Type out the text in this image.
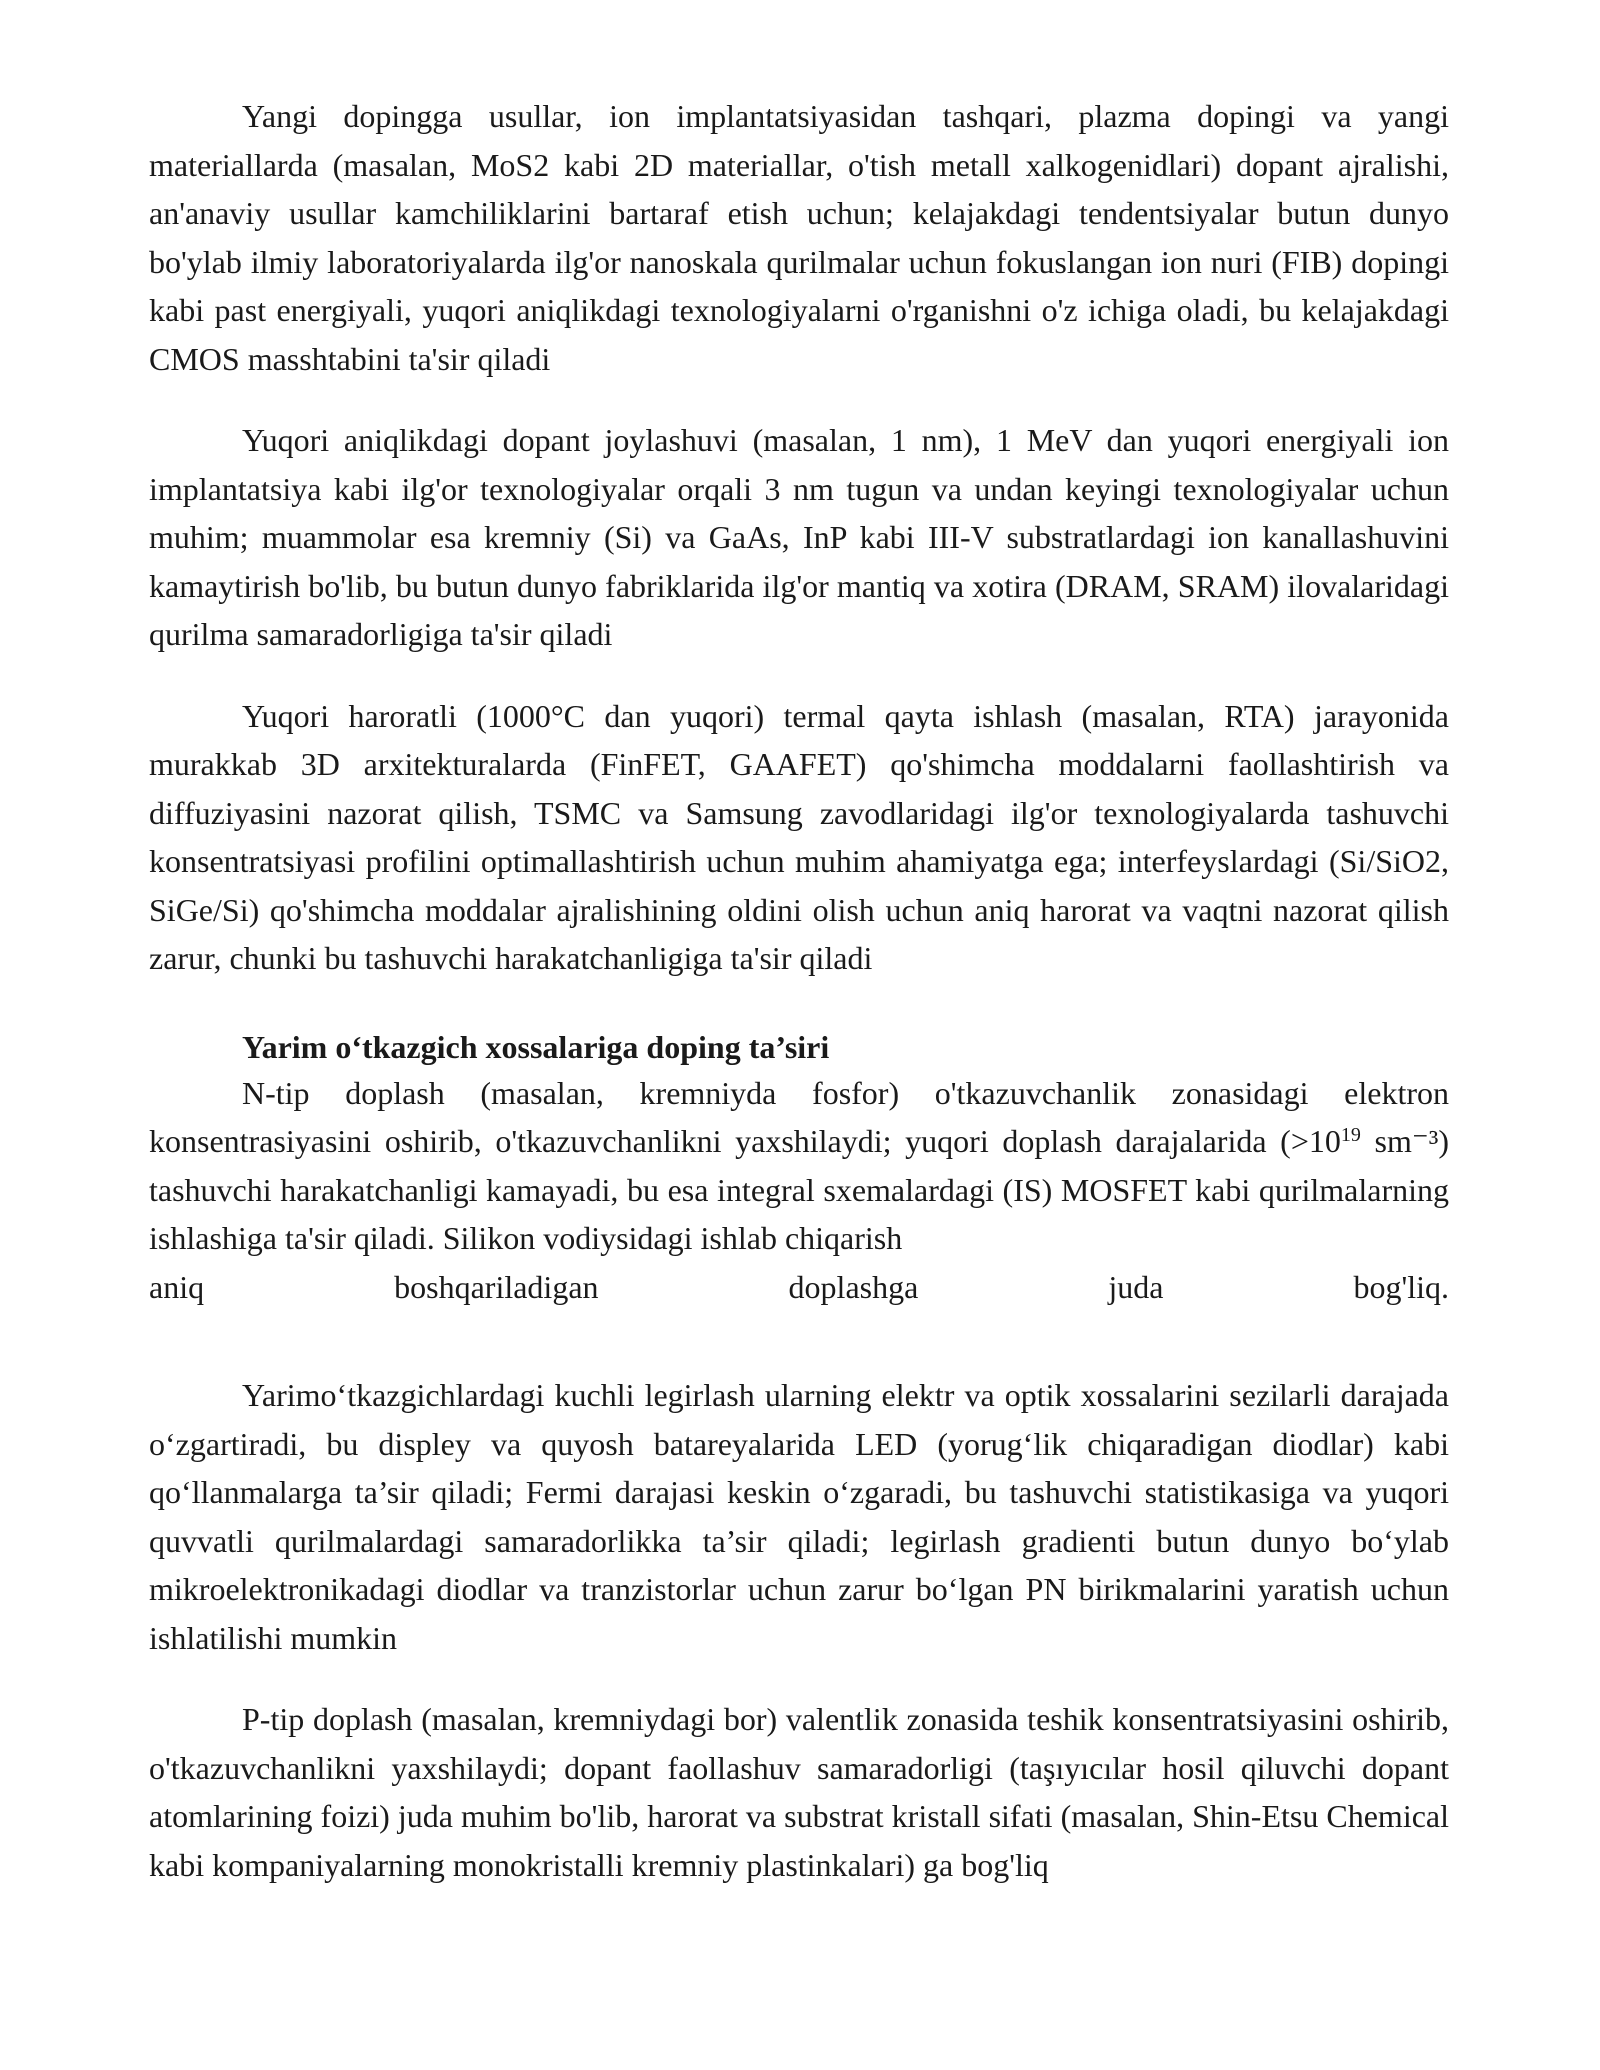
Yangi dopingga usullar, ion implantatsiyasidan tashqari, plazma dopingi va yangi materiallarda (masalan, MoS2 kabi 2D materiallar, o'tish metall xalkogenidlari) dopant ajralishi, an'anaviy usullar kamchiliklarini bartaraf etish uchun; kelajakdagi tendentsiyalar butun dunyo bo'ylab ilmiy laboratoriyalarda ilg'or nanoskala qurilmalar uchun fokuslangan ion nuri (FIB) dopingi kabi past energiyali, yuqori aniqlikdagi texnologiyalarni o'rganishni o'z ichiga oladi, bu kelajakdagi CMOS masshtabini ta'sir qiladi

Yuqori aniqlikdagi dopant joylashuvi (masalan, 1 nm), 1 MeV dan yuqori energiyali ion implantatsiya kabi ilg'or texnologiyalar orqali 3 nm tugun va undan keyingi texnologiyalar uchun muhim; muammolar esa kremniy (Si) va GaAs, InP kabi III-V substratlardagi ion kanallashuvini kamaytirish bo'lib, bu butun dunyo fabriklarida ilg'or mantiq va xotira (DRAM, SRAM) ilovalaridagi qurilma samaradorligiga ta'sir qiladi

Yuqori haroratli (1000°C dan yuqori) termal qayta ishlash (masalan, RTA) jarayonida murakkab 3D arxitekturalarda (FinFET, GAAFET) qo'shimcha moddalarni faollashtirish va diffuziyasini nazorat qilish, TSMC va Samsung zavodlaridagi ilg'or texnologiyalarda tashuvchi konsentratsiyasi profilini optimallashtirish uchun muhim ahamiyatga ega; interfeyslardagi (Si/SiO2, SiGe/Si) qo'shimcha moddalar ajralishining oldini olish uchun aniq harorat va vaqtni nazorat qilish zarur, chunki bu tashuvchi harakatchanligiga ta'sir qiladi

Yarim o‘tkazgich xossalariga doping ta’siri

N-tip doplash (masalan, kremniyda fosfor) o'tkazuvchanlik zonasidagi elektron konsentrasiyasini oshirib, o'tkazuvchanlikni yaxshilaydi; yuqori doplash darajalarida ($>10^{19}$ sm⁻³) tashuvchi harakatchanligi kamayadi, bu esa integral sxemalardagi (IS) MOSFET kabi qurilmalarning ishlashiga ta'sir qiladi. Silikon vodiysidagi ishlab chiqarish
aniq boshqariladigan doplashga juda bog'liq.

Yarimo‘tkazgichlardagi kuchli legirlash ularning elektr va optik xossalarini sezilarli darajada o‘zgartiradi, bu displey va quyosh batareyalarida LED (yorug‘lik chiqaradigan diodlar) kabi qo‘llanmalarga ta’sir qiladi; Fermi darajasi keskin o‘zgaradi, bu tashuvchi statistikasiga va yuqori quvvatli qurilmalardagi samaradorlikka ta’sir qiladi; legirlash gradienti butun dunyo bo‘ylab mikroelektronikadagi diodlar va tranzistorlar uchun zarur bo‘lgan PN birikmalarini yaratish uchun ishlatilishi mumkin

P-tip doplash (masalan, kremniydagi bor) valentlik zonasida teshik konsentratsiyasini oshirib, o'tkazuvchanlikni yaxshilaydi; dopant faollashuv samaradorligi (taşıyıcılar hosil qiluvchi dopant atomlarining foizi) juda muhim bo'lib, harorat va substrat kristall sifati (masalan, Shin-Etsu Chemical kabi kompaniyalarning monokristalli kremniy plastinkalari) ga bog'liq
